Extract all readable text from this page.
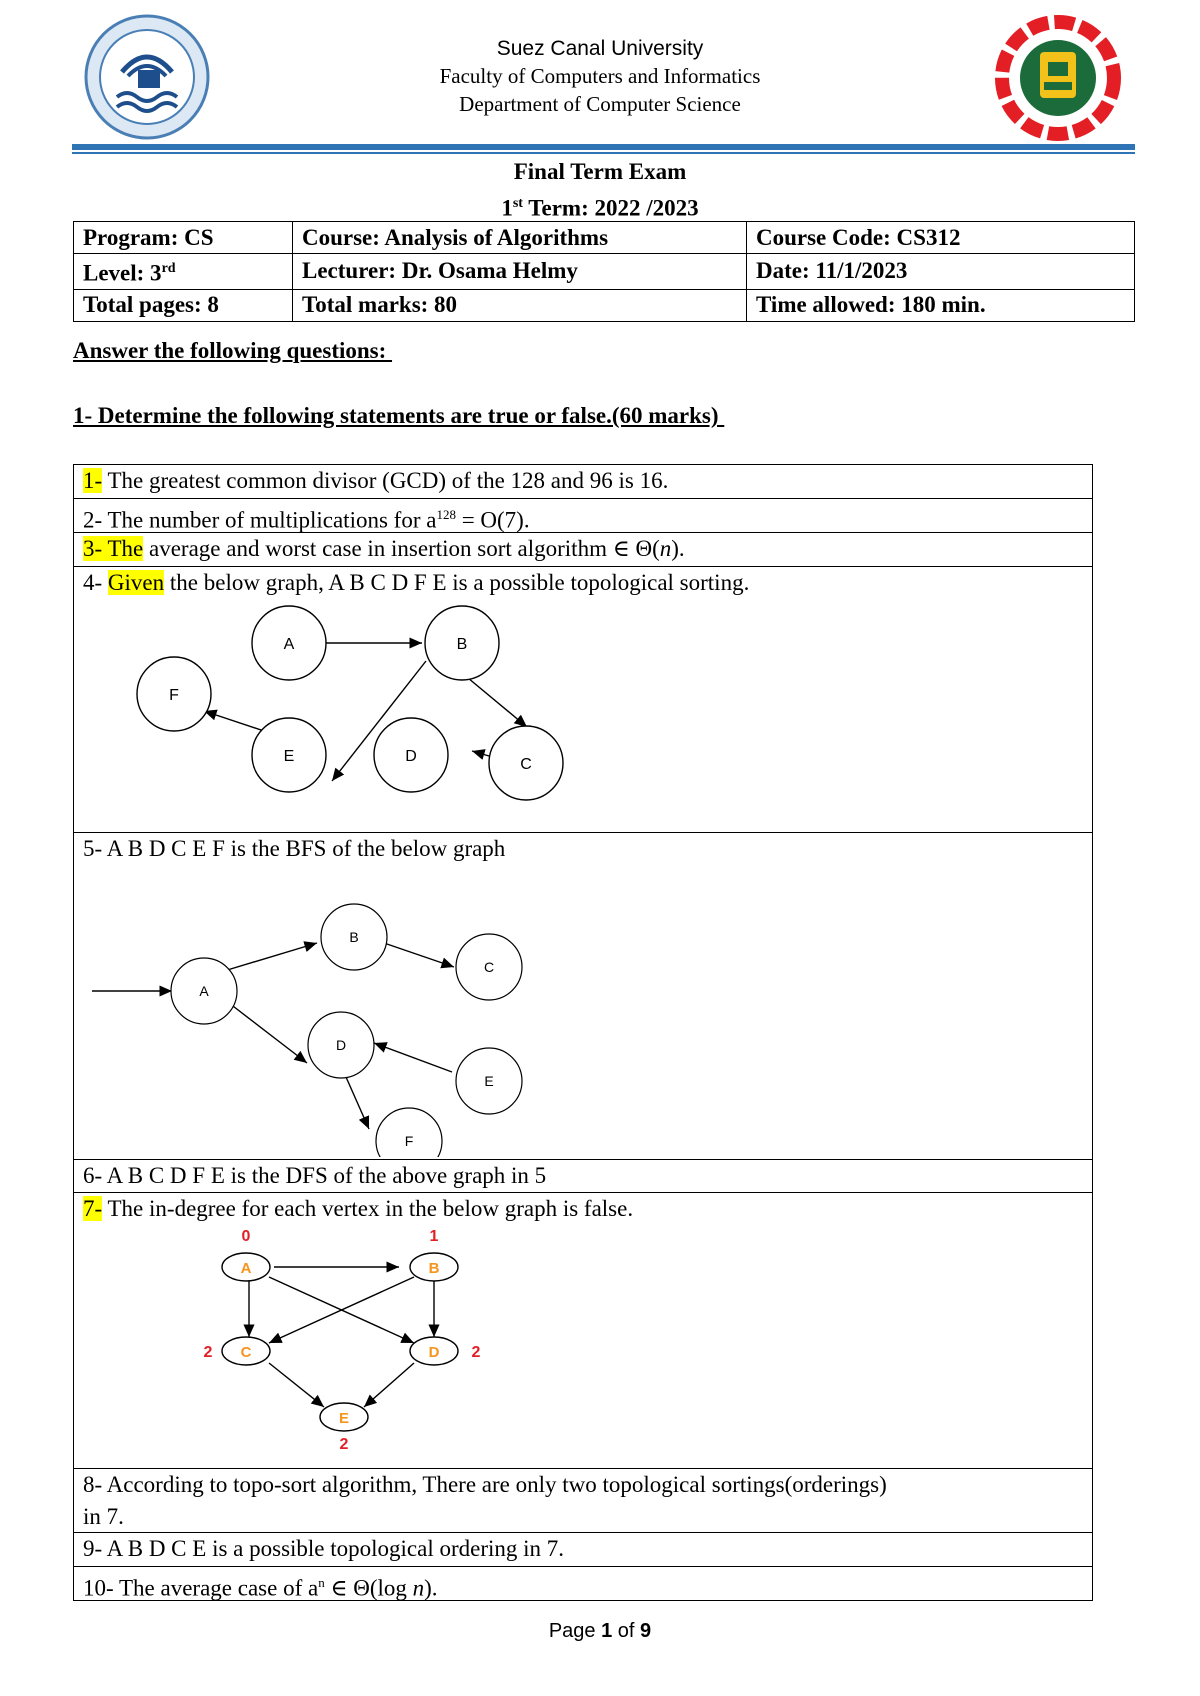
Suez Canal University
Faculty of Computers and Informatics
Department of Computer Science
Final Term Exam
1st Term: 2022 /2023
Program: CS	Course: Analysis of Algorithms	Course Code: CS312
Level: 3rd	Lecturer: Dr. Osama Helmy	Date: 11/1/2023
Total pages: 8	Total marks: 80	Time allowed: 180 min.
Answer the following questions:
1- Determine the following statements are true or false.(60 marks)
1- The greatest common divisor (GCD) of the 128 and 96 is 16.
2- The number of multiplications for $a^{128} = O(7)$.
3- The average and worst case in insertion sort algorithm ∈ Θ(n).
4- Given the below graph, A B C D F E is a possible topological sorting.
A	B
C
D
E
F
5- A B D C E F is the BFS of the below graph
A
B
C
D
E
F
6- A B C D F E is the DFS of the above graph in 5
7- The in-degree for each vertex in the below graph is false.
A	B
C	D
E
0	1
2	2
2
8- According to topo-sort algorithm, There are only two topological sortings(orderings)
in 7.
9- A B D C E is a possible topological ordering in 7.
10- The average case of $a^n$ ∈ Θ(log n).
Page 1 of 9
